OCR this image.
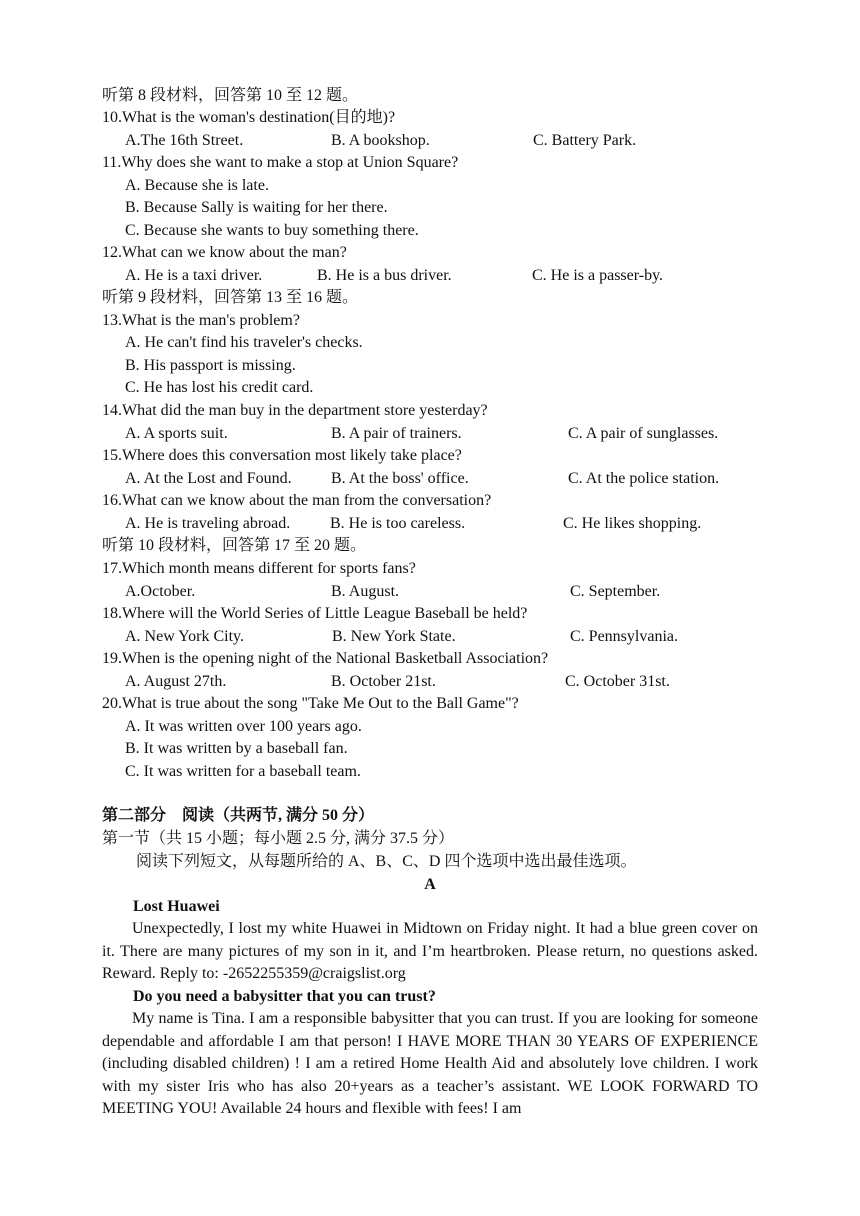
听第 8 段材料，回答第 10 至 12 题。
10.What is the woman's destination(目的地)?
A.The 16th Street.	B. A bookshop.	C. Battery Park.
11.Why does she want to make a stop at Union Square?
A. Because she is late.
B. Because Sally is waiting for her there.
C. Because she wants to buy something there.
12.What can we know about the man?
A. He is a taxi driver.	B. He is a bus driver.	C. He is a passer-by.
听第 9 段材料，回答第 13 至 16 题。
13.What is the man's problem?
A. He can't find his traveler's checks.
B. His passport is missing.
C. He has lost his credit card.
14.What did the man buy in the department store yesterday?
A. A sports suit.	B. A pair of trainers.	C. A pair of sunglasses.
15.Where does this conversation most likely take place?
A. At the Lost and Found. B. At the boss' office.	C. At the police station.
16.What can we know about the man from the conversation?
A. He is traveling abroad. B. He is too careless.	C. He likes shopping.
听第 10 段材料，回答第 17 至 20 题。
17.Which month means different for sports fans?
A.October.	B. August.	C. September.
18.Where will the World Series of Little League Baseball be held?
A. New York City.	B. New York State.	C. Pennsylvania.
19.When is the opening night of the National Basketball Association?
A. August 27th.	B. October 21st.	C. October 31st.
20.What is true about the song "Take Me Out to the Ball Game"?
A. It was written over 100 years ago.
B. It was written by a baseball fan.
C. It was written for a baseball team.
第二部分　阅读（共两节, 满分 50 分）
第一节（共 15 小题；每小题 2.5 分, 满分 37.5 分）
阅读下列短文，从每题所给的 A、B、C、D 四个选项中选出最佳选项。
A
Lost Huawei
Unexpectedly, I lost my white Huawei in Midtown on Friday night. It had a blue green cover on it. There are many pictures of my son in it, and I’m heartbroken. Please return, no questions asked. Reward. Reply to: -2652255359@craigslist.org
Do you need a babysitter that you can trust?
My name is Tina. I am a responsible babysitter that you can trust. If you are looking for someone dependable and affordable I am that person! I HAVE MORE THAN 30 YEARS OF EXPERIENCE (including disabled children) ! I am a retired Home Health Aid and absolutely love children. I work with my sister Iris who has also 20+years as a teacher’s assistant. WE LOOK FORWARD TO MEETING YOU! Available 24 hours and flexible with fees! I am
